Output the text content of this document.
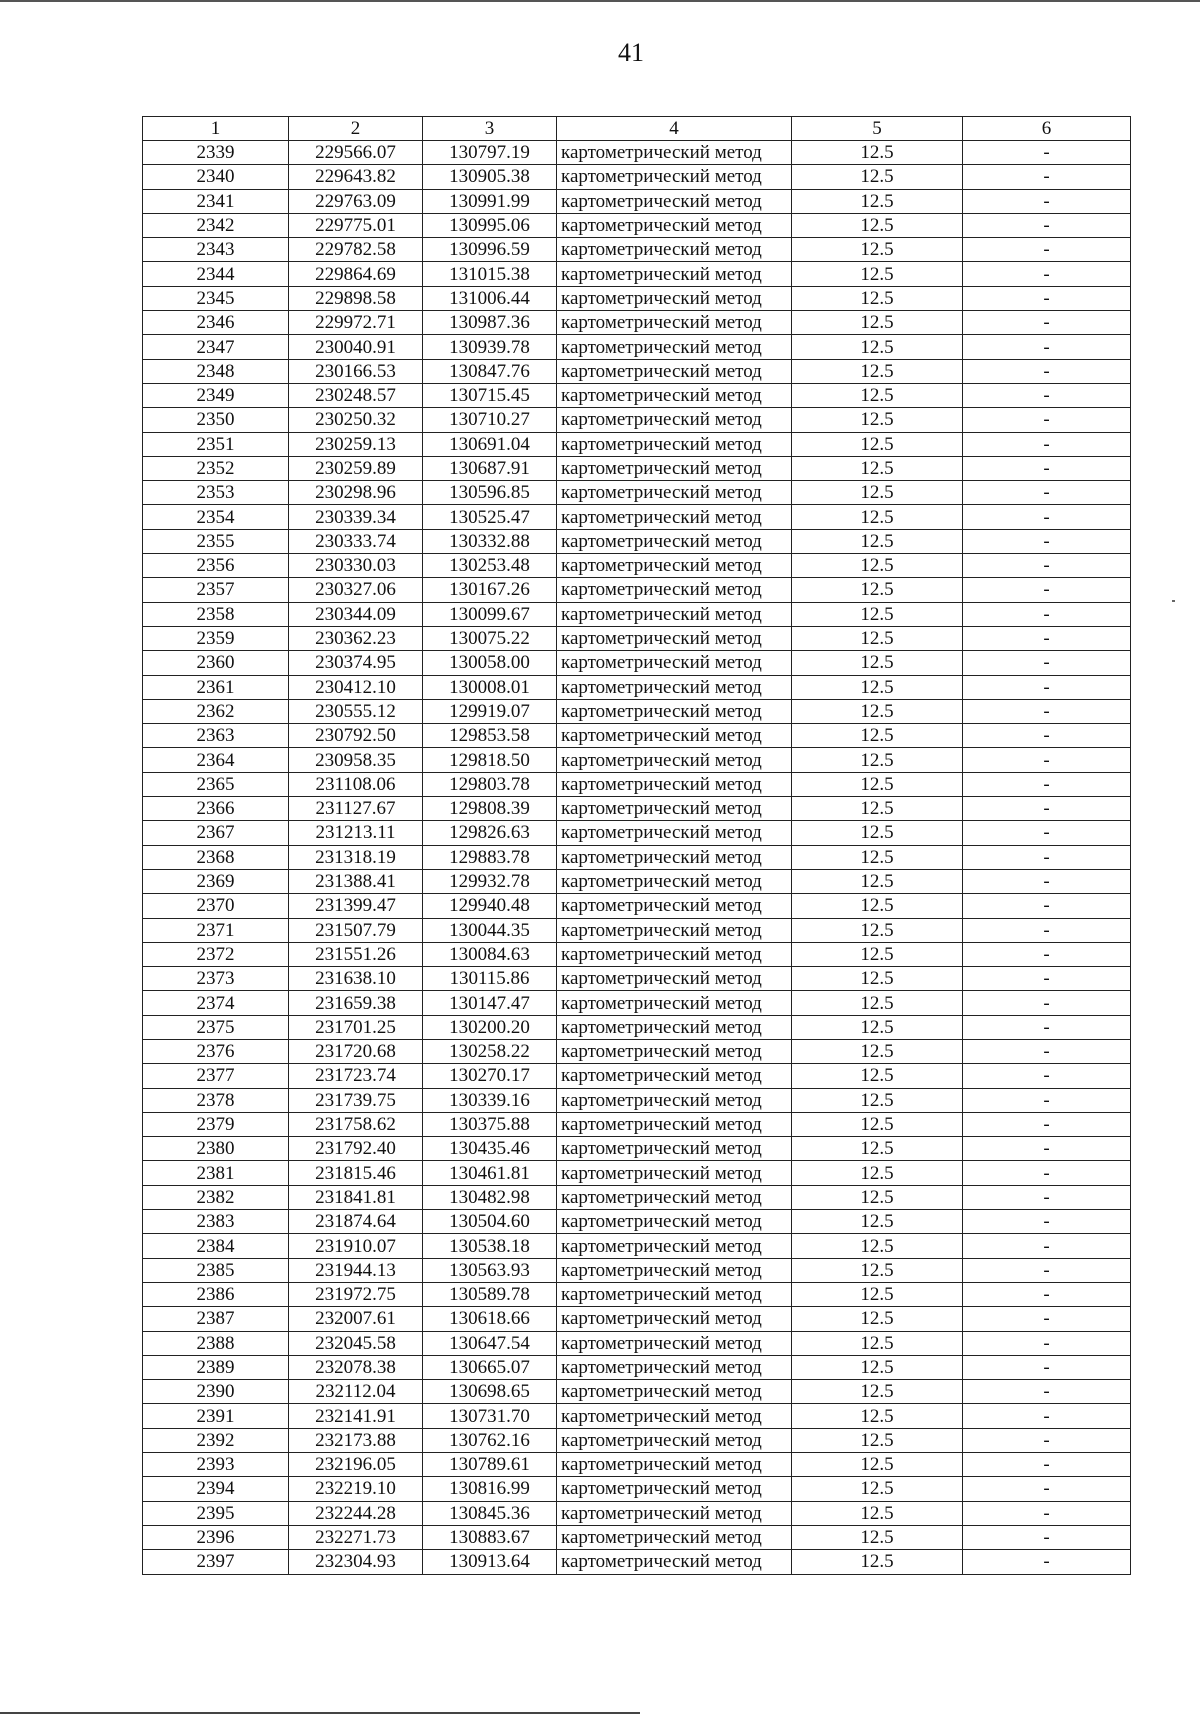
41
1	2	3	4	5	6
2339	229566.07	130797.19	картометрический метод	12.5	-
2340	229643.82	130905.38	картометрический метод	12.5	-
2341	229763.09	130991.99	картометрический метод	12.5	-
2342	229775.01	130995.06	картометрический метод	12.5	-
2343	229782.58	130996.59	картометрический метод	12.5	-
2344	229864.69	131015.38	картометрический метод	12.5	-
2345	229898.58	131006.44	картометрический метод	12.5	-
2346	229972.71	130987.36	картометрический метод	12.5	-
2347	230040.91	130939.78	картометрический метод	12.5	-
2348	230166.53	130847.76	картометрический метод	12.5	-
2349	230248.57	130715.45	картометрический метод	12.5	-
2350	230250.32	130710.27	картометрический метод	12.5	-
2351	230259.13	130691.04	картометрический метод	12.5	-
2352	230259.89	130687.91	картометрический метод	12.5	-
2353	230298.96	130596.85	картометрический метод	12.5	-
2354	230339.34	130525.47	картометрический метод	12.5	-
2355	230333.74	130332.88	картометрический метод	12.5	-
2356	230330.03	130253.48	картометрический метод	12.5	-
2357	230327.06	130167.26	картометрический метод	12.5	-
2358	230344.09	130099.67	картометрический метод	12.5	-
2359	230362.23	130075.22	картометрический метод	12.5	-
2360	230374.95	130058.00	картометрический метод	12.5	-
2361	230412.10	130008.01	картометрический метод	12.5	-
2362	230555.12	129919.07	картометрический метод	12.5	-
2363	230792.50	129853.58	картометрический метод	12.5	-
2364	230958.35	129818.50	картометрический метод	12.5	-
2365	231108.06	129803.78	картометрический метод	12.5	-
2366	231127.67	129808.39	картометрический метод	12.5	-
2367	231213.11	129826.63	картометрический метод	12.5	-
2368	231318.19	129883.78	картометрический метод	12.5	-
2369	231388.41	129932.78	картометрический метод	12.5	-
2370	231399.47	129940.48	картометрический метод	12.5	-
2371	231507.79	130044.35	картометрический метод	12.5	-
2372	231551.26	130084.63	картометрический метод	12.5	-
2373	231638.10	130115.86	картометрический метод	12.5	-
2374	231659.38	130147.47	картометрический метод	12.5	-
2375	231701.25	130200.20	картометрический метод	12.5	-
2376	231720.68	130258.22	картометрический метод	12.5	-
2377	231723.74	130270.17	картометрический метод	12.5	-
2378	231739.75	130339.16	картометрический метод	12.5	-
2379	231758.62	130375.88	картометрический метод	12.5	-
2380	231792.40	130435.46	картометрический метод	12.5	-
2381	231815.46	130461.81	картометрический метод	12.5	-
2382	231841.81	130482.98	картометрический метод	12.5	-
2383	231874.64	130504.60	картометрический метод	12.5	-
2384	231910.07	130538.18	картометрический метод	12.5	-
2385	231944.13	130563.93	картометрический метод	12.5	-
2386	231972.75	130589.78	картометрический метод	12.5	-
2387	232007.61	130618.66	картометрический метод	12.5	-
2388	232045.58	130647.54	картометрический метод	12.5	-
2389	232078.38	130665.07	картометрический метод	12.5	-
2390	232112.04	130698.65	картометрический метод	12.5	-
2391	232141.91	130731.70	картометрический метод	12.5	-
2392	232173.88	130762.16	картометрический метод	12.5	-
2393	232196.05	130789.61	картометрический метод	12.5	-
2394	232219.10	130816.99	картометрический метод	12.5	-
2395	232244.28	130845.36	картометрический метод	12.5	-
2396	232271.73	130883.67	картометрический метод	12.5	-
2397	232304.93	130913.64	картометрический метод	12.5	-
